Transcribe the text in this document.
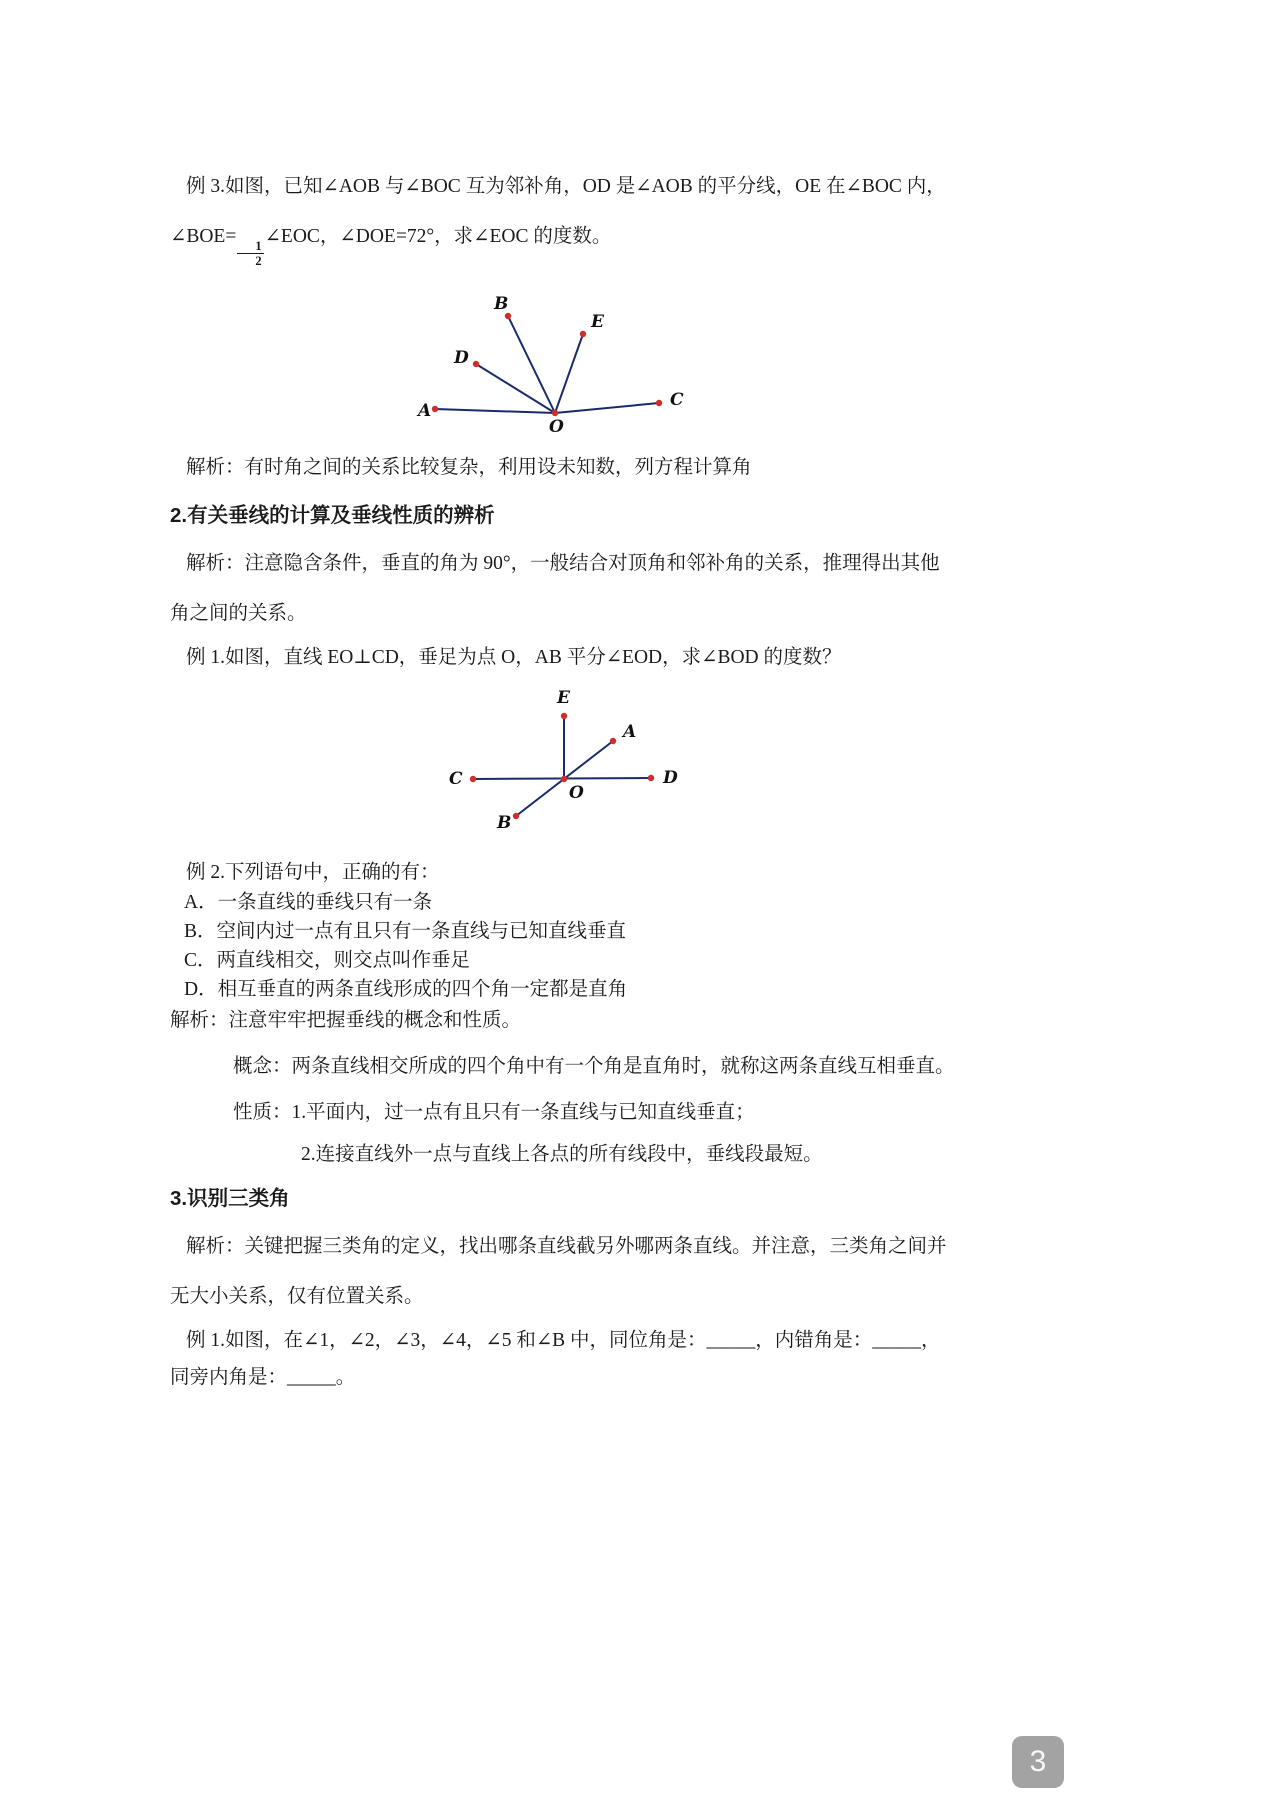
例 3.如图，已知∠AOB 与∠BOC 互为邻补角，OD 是∠AOB 的平分线，OE 在∠BOC 内，∠BOE=
$\frac{1}{2}$
∠EOC，∠DOE=72°，求∠EOC 的度数。

B
E
D
A
O
C

解析：有时角之间的关系比较复杂，利用设未知数，列方程计算角

2.有关垂线的计算及垂线性质的辨析

解析：注意隐含条件，垂直的角为 90°，一般结合对顶角和邻补角的关系，推理得出其他角之间的关系。

例 1.如图，直线 EO⊥CD，垂足为点 O，AB 平分∠EOD，求∠BOD 的度数？

E
A
C
O
D
B

例 2.下列语句中，正确的有：

A．一条直线的垂线只有一条

B．空间内过一点有且只有一条直线与已知直线垂直

C．两直线相交，则交点叫作垂足

D．相互垂直的两条直线形成的四个角一定都是直角

解析：注意牢牢把握垂线的概念和性质。

概念：两条直线相交所成的四个角中有一个角是直角时，就称这两条直线互相垂直。

性质：1.平面内，过一点有且只有一条直线与已知直线垂直；

2.连接直线外一点与直线上各点的所有线段中，垂线段最短。

3.识别三类角

解析：关键把握三类角的定义，找出哪条直线截另外哪两条直线。并注意，三类角之间并无大小关系，仅有位置关系。

例 1.如图，在∠1，∠2，∠3，∠4，∠5 和∠B 中，同位角是：_____，内错角是：_____，同旁内角是：_____。

3
